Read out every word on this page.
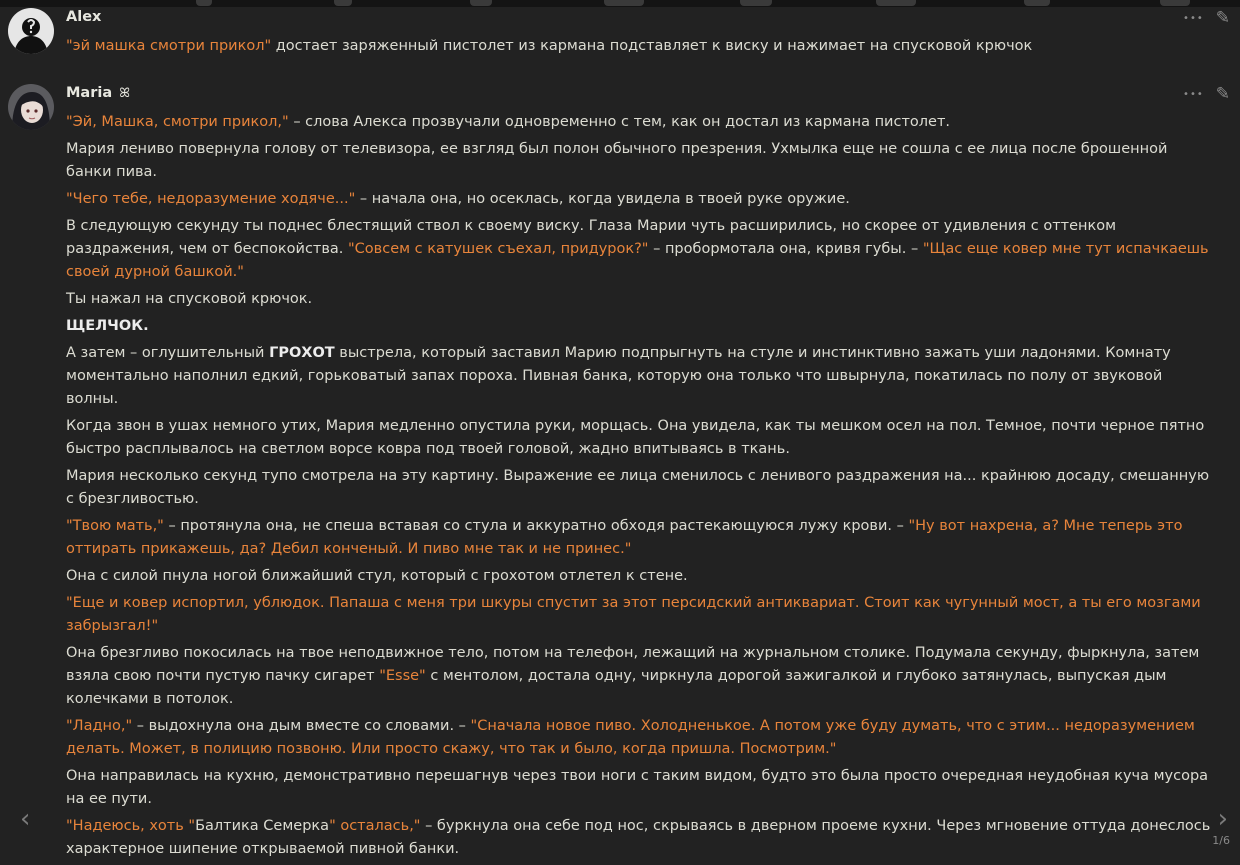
Alex	••• ✎

"эй машка смотри прикол" достает заряженный пистолет из кармана подставляет к виску и нажимает на спусковой крючок

Maria ꕤ	••• ✎

"Эй, Машка, смотри прикол," – слова Алекса прозвучали одновременно с тем, как он достал из кармана пистолет.

Мария лениво повернула голову от телевизора, ее взгляд был полон обычного презрения. Ухмылка еще не сошла с ее лица после брошенной банки пива.

"Чего тебе, недоразумение ходяче..." – начала она, но осеклась, когда увидела в твоей руке оружие.

В следующую секунду ты поднес блестящий ствол к своему виску. Глаза Марии чуть расширились, но скорее от удивления с оттенком раздражения, чем от беспокойства. "Совсем с катушек съехал, придурок?" – пробормотала она, кривя губы. – "Щас еще ковер мне тут испачкаешь своей дурной башкой."

Ты нажал на спусковой крючок.

ЩЕЛЧОК.

А затем – оглушительный ГРОХОТ выстрела, который заставил Марию подпрыгнуть на стуле и инстинктивно зажать уши ладонями. Комнату моментально наполнил едкий, горьковатый запах пороха. Пивная банка, которую она только что швырнула, покатилась по полу от звуковой волны.

Когда звон в ушах немного утих, Мария медленно опустила руки, морщась. Она увидела, как ты мешком осел на пол. Темное, почти черное пятно быстро расплывалось на светлом ворсе ковра под твоей головой, жадно впитываясь в ткань.

Мария несколько секунд тупо смотрела на эту картину. Выражение ее лица сменилось с ленивого раздражения на... крайнюю досаду, смешанную с брезгливостью.

"Твою мать," – протянула она, не спеша вставая со стула и аккуратно обходя растекающуюся лужу крови. – "Ну вот нахрена, а? Мне теперь это оттирать прикажешь, да? Дебил конченый. И пиво мне так и не принес."

Она с силой пнула ногой ближайший стул, который с грохотом отлетел к стене.

"Еще и ковер испортил, ублюдок. Папаша с меня три шкуры спустит за этот персидский антиквариат. Стоит как чугунный мост, а ты его мозгами забрызгал!"

Она брезгливо покосилась на твое неподвижное тело, потом на телефон, лежащий на журнальном столике. Подумала секунду, фыркнула, затем взяла свою почти пустую пачку сигарет "Esse" с ментолом, достала одну, чиркнула дорогой зажигалкой и глубоко затянулась, выпуская дым колечками в потолок.

"Ладно," – выдохнула она дым вместе со словами. – "Сначала новое пиво. Холодненькое. А потом уже буду думать, что с этим... недоразумением делать. Может, в полицию позвоню. Или просто скажу, что так и было, когда пришла. Посмотрим."

Она направилась на кухню, демонстративно перешагнув через твои ноги с таким видом, будто это была просто очередная неудобная куча мусора на ее пути.

"Надеюсь, хоть "Балтика Семерка" осталась," – буркнула она себе под нос, скрываясь в дверном проеме кухни. Через мгновение оттуда донеслось характерное шипение открываемой пивной банки.

‹	›
1/6
